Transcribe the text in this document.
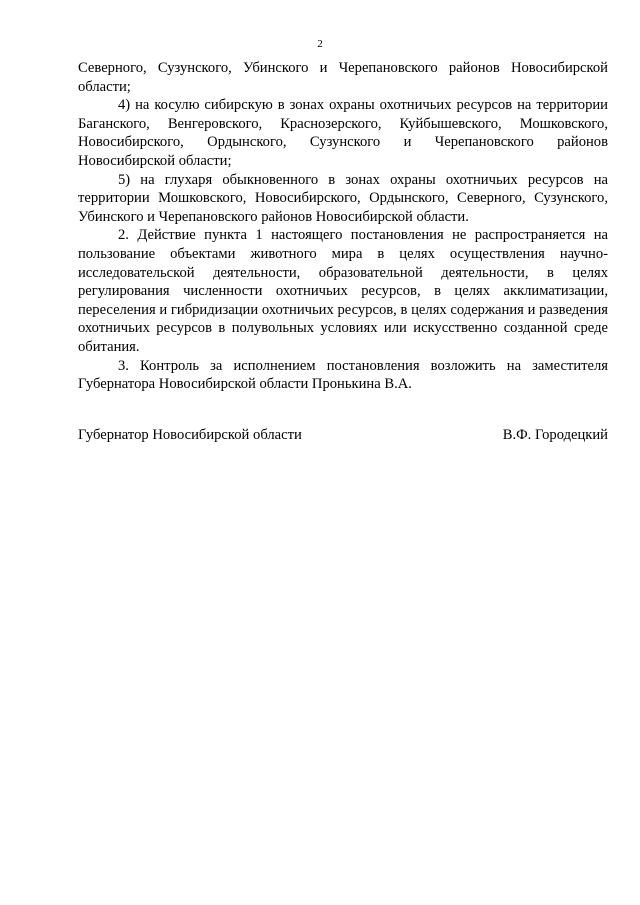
2

Северного, Сузунского, Убинского и Черепановского районов Новосибирской области;

4) на косулю сибирскую в зонах охраны охотничьих ресурсов на территории Баганского, Венгеровского, Краснозерского, Куйбышевского, Мошковского, Новосибирского, Ордынского, Сузунского и Черепановского районов Новосибирской области;

5) на глухаря обыкновенного в зонах охраны охотничьих ресурсов на территории Мошковского, Новосибирского, Ордынского, Северного, Сузунского, Убинского и Черепановского районов Новосибирской области.

2. Действие пункта 1 настоящего постановления не распространяется на пользование объектами животного мира в целях осуществления научно-исследовательской деятельности, образовательной деятельности, в целях регулирования численности охотничьих ресурсов, в целях акклиматизации, переселения и гибридизации охотничьих ресурсов, в целях содержания и разведения охотничьих ресурсов в полувольных условиях или искусственно созданной среде обитания.

3. Контроль за исполнением постановления возложить на заместителя Губернатора Новосибирской области Пронькина В.А.

Губернатор Новосибирской области	В.Ф. Городецкий
